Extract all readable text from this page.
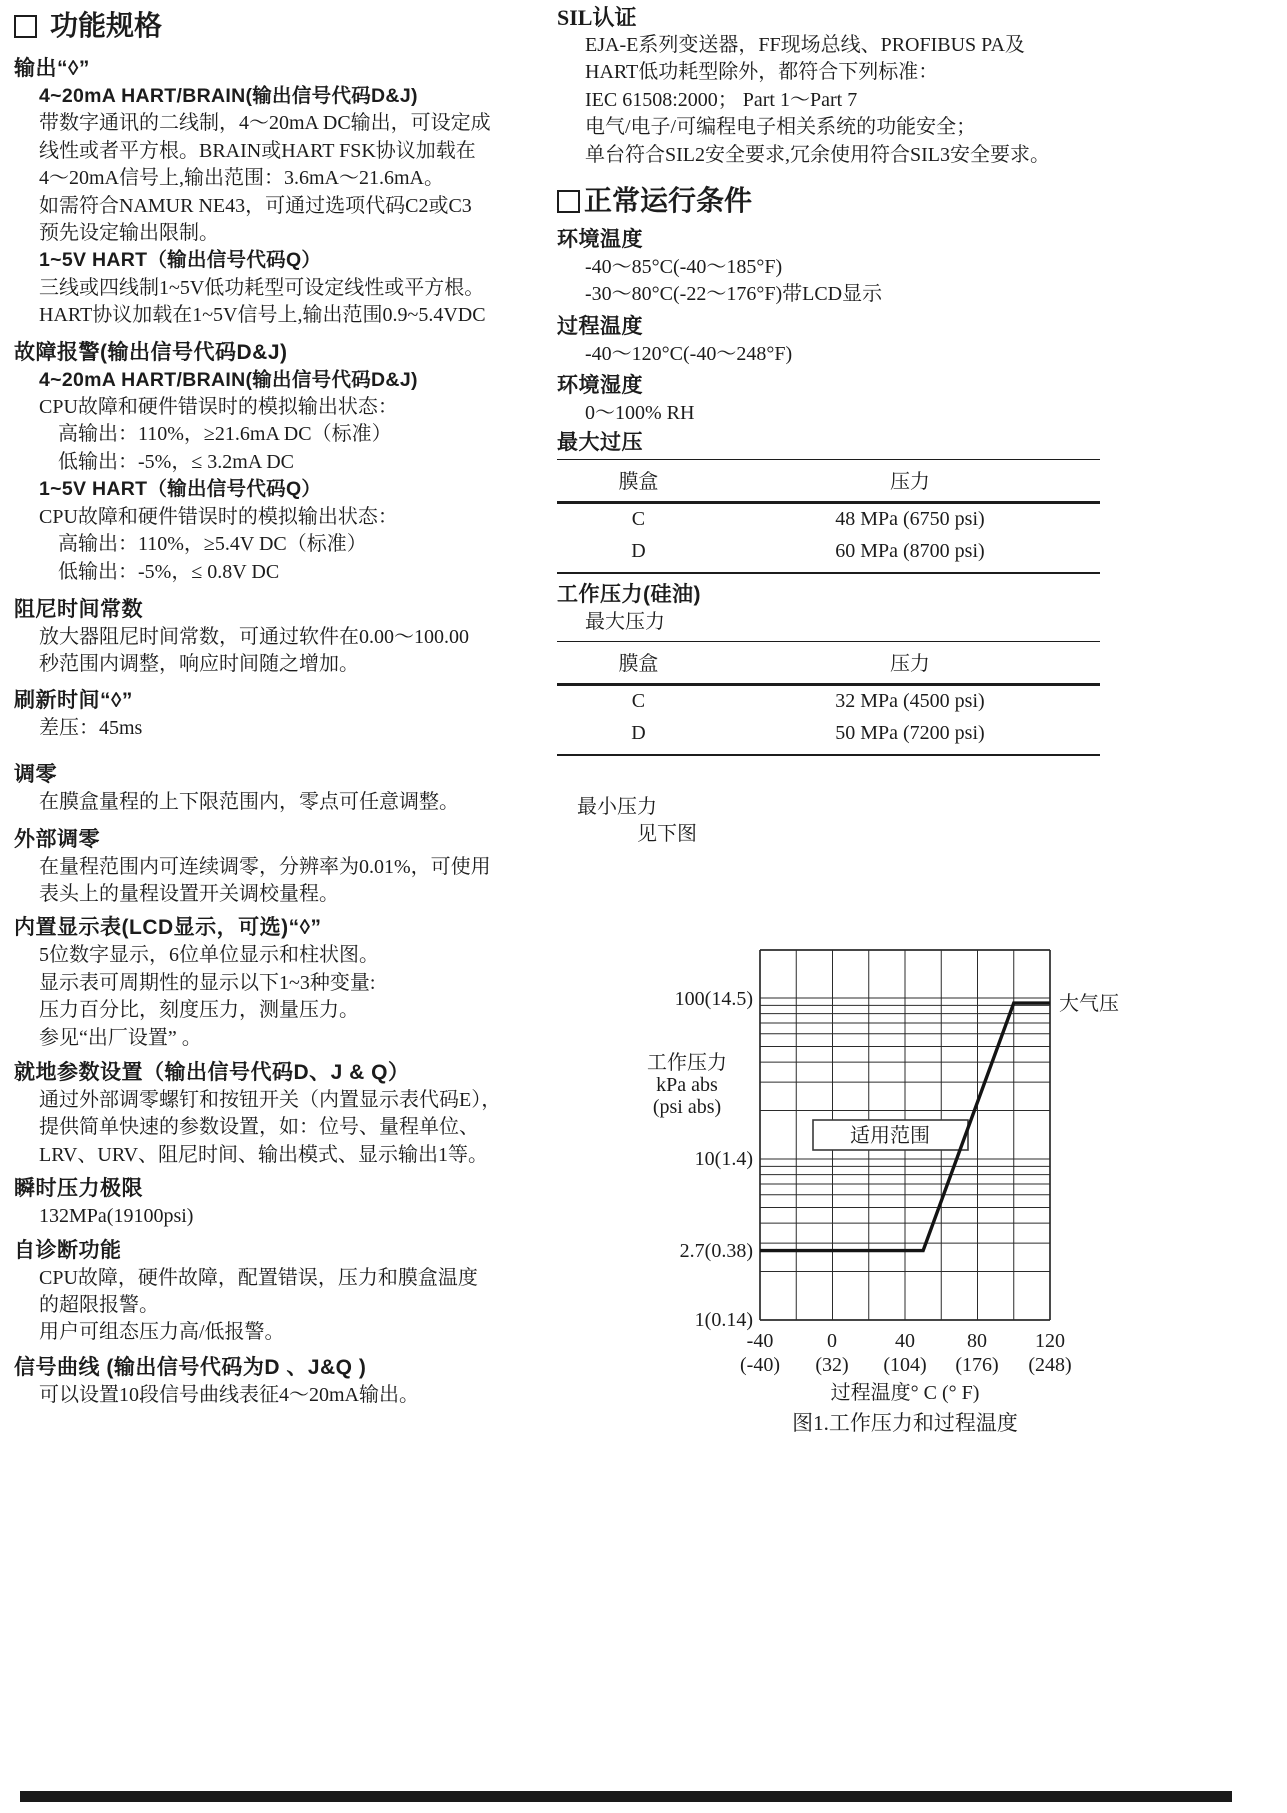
功能规格
输出“◊”
4~20mA HART/BRAIN(输出信号代码D&J)
带数字通讯的二线制，4～20mA DC输出，可设定成
线性或者平方根。BRAIN或HART FSK协议加载在
4～20mA信号上,输出范围：3.6mA～21.6mA。
如需符合NAMUR NE43，可通过选项代码C2或C3
预先设定输出限制。
1~5V HART（输出信号代码Q）
三线或四线制1~5V低功耗型可设定线性或平方根。
HART协议加载在1~5V信号上,输出范围0.9~5.4VDC
故障报警(输出信号代码D&J)
4~20mA HART/BRAIN(输出信号代码D&J)
CPU故障和硬件错误时的模拟输出状态：
高输出：110%，≥21.6mA DC（标准）
低输出：-5%，≤ 3.2mA DC
1~5V HART（输出信号代码Q）
CPU故障和硬件错误时的模拟输出状态：
高输出：110%，≥5.4V DC（标准）
低输出：-5%，≤ 0.8V DC
阻尼时间常数
放大器阻尼时间常数，可通过软件在0.00～100.00
秒范围内调整，响应时间随之增加。
刷新时间“◊”
差压：45ms
调零
在膜盒量程的上下限范围内，零点可任意调整。
外部调零
在量程范围内可连续调零，分辨率为0.01%，可使用
表头上的量程设置开关调校量程。
内置显示表(LCD显示，可选)“◊”
5位数字显示，6位单位显示和柱状图。
显示表可周期性的显示以下1~3种变量:
压力百分比，刻度压力，测量压力。
参见“出厂设置” 。
就地参数设置（输出信号代码D、J & Q）
通过外部调零螺钉和按钮开关（内置显示表代码E），
提供简单快速的参数设置，如：位号、量程单位、
LRV、URV、阻尼时间、输出模式、显示输出1等。
瞬时压力极限
132MPa(19100psi)
自诊断功能
CPU故障，硬件故障，配置错误，压力和膜盒温度
的超限报警。
用户可组态压力高/低报警。
信号曲线 (输出信号代码为D 、J&Q )
可以设置10段信号曲线表征4～20mA输出。
SIL认证
EJA-E系列变送器，FF现场总线、PROFIBUS PA及
HART低功耗型除外，都符合下列标准：
IEC 61508:2000； Part 1～Part 7
电气/电子/可编程电子相关系统的功能安全；
单台符合SIL2安全要求,冗余使用符合SIL3安全要求。
正常运行条件
环境温度
-40～85°C(-40～185°F)
-30～80°C(-22～176°F)带LCD显示
过程温度
-40～120°C(-40～248°F)
环境湿度
0～100% RH
最大过压
膜盒	压力
C	48 MPa (6750 psi)
D	60 MPa (8700 psi)
工作压力(硅油)
最大压力
膜盒	压力
C	32 MPa (4500 psi)
D	50 MPa (7200 psi)
最小压力
见下图
适用范围
大气压
100(14.5)
10(1.4)
2.7(0.38)
1(0.14)
工作压力
kPa abs
(psi abs)
-40	0	40	80 120
(-40) (32) (104) (176) (248)
过程温度° C (° F)
图1.工作压力和过程温度
